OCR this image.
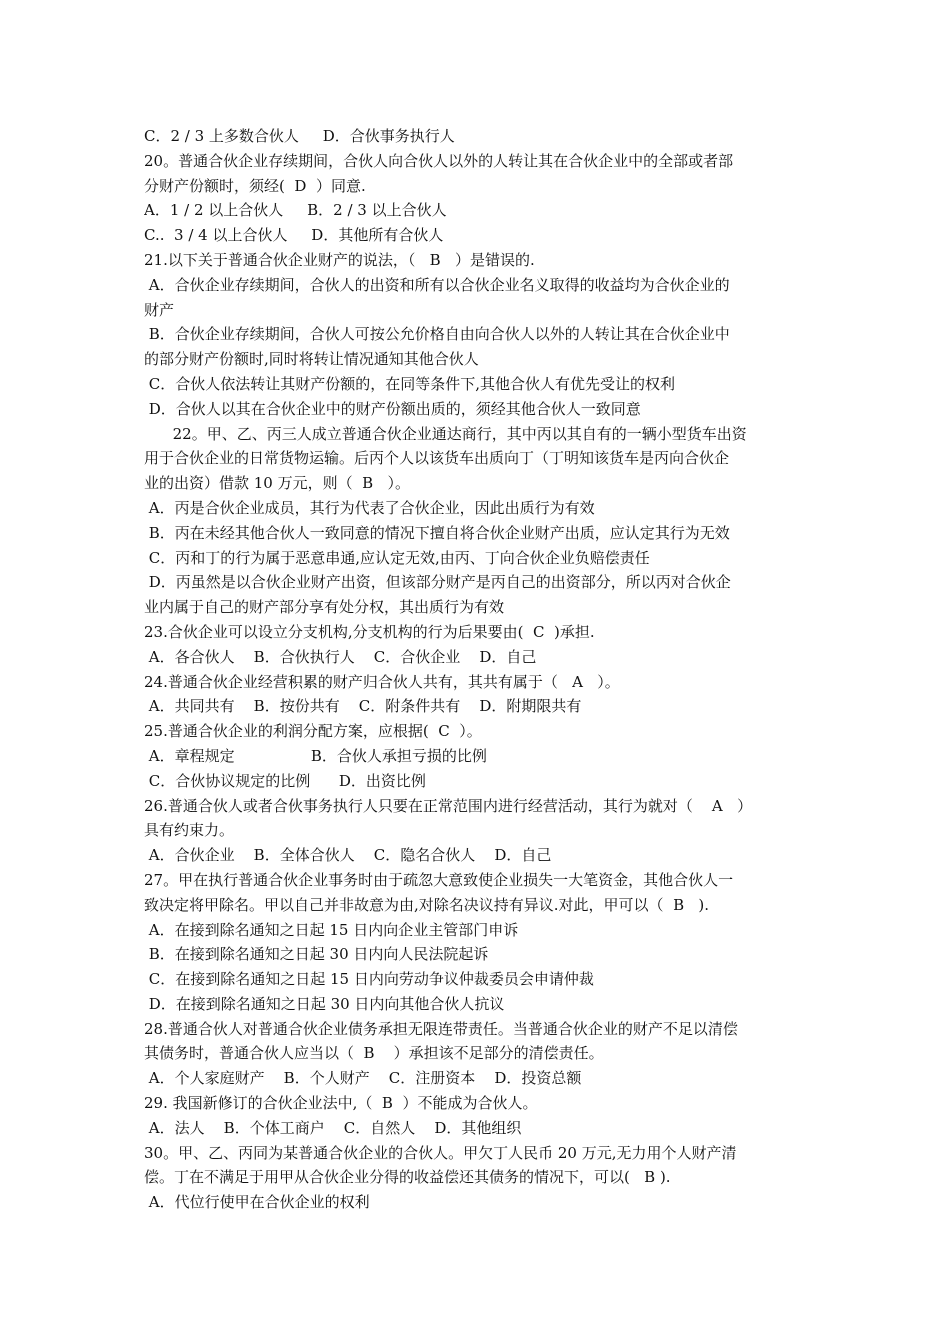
C．2 / 3 上多数合伙人     D．合伙事务执行人
20。普通合伙企业存续期间，合伙人向合伙人以外的人转让其在合伙企业中的全部或者部
分财产份额时，须经(  D  ）同意.
A．1 / 2 以上合伙人     B．2 / 3 以上合伙人
C..  3 / 4 以上合伙人     D．其他所有合伙人
21.以下关于普通合伙企业财产的说法，（   B   ）是错误的.
A．合伙企业存续期间，合伙人的出资和所有以合伙企业名义取得的收益均为合伙企业的
财产
B．合伙企业存续期间，合伙人可按公允价格自由向合伙人以外的人转让其在合伙企业中
的部分财产份额时,同时将转让情况通知其他合伙人
C．合伙人依法转让其财产份额的，在同等条件下,其他合伙人有优先受让的权利
D．合伙人以其在合伙企业中的财产份额出质的，须经其他合伙人一致同意
22。甲、乙、丙三人成立普通合伙企业通达商行，其中丙以其自有的一辆小型货车出资
用于合伙企业的日常货物运输。后丙个人以该货车出质向丁（丁明知该货车是丙向合伙企
业的出资）借款 10 万元，则（  B   ）。
A．丙是合伙企业成员，其行为代表了合伙企业，因此出质行为有效
B．丙在未经其他合伙人一致同意的情况下擅自将合伙企业财产出质，应认定其行为无效
C．丙和丁的行为属于恶意串通,应认定无效,由丙、丁向合伙企业负赔偿责任
D．丙虽然是以合伙企业财产出资，但该部分财产是丙自己的出资部分，所以丙对合伙企
业内属于自己的财产部分享有处分权，其出质行为有效
23.合伙企业可以设立分支机构,分支机构的行为后果要由(  C  )承担.
A．各合伙人    B．合伙执行人    C．合伙企业    D．自己
24.普通合伙企业经营积累的财产归合伙人共有，其共有属于（   A   ）。
A．共同共有    B．按份共有    C．附条件共有    D．附期限共有
25.普通合伙企业的利润分配方案，应根据(  C  ）。
A．章程规定                B．合伙人承担亏损的比例
C．合伙协议规定的比例      D．出资比例
26.普通合伙人或者合伙事务执行人只要在正常范围内进行经营活动，其行为就对（    A   ）
具有约束力。
A．合伙企业    B．全体合伙人    C．隐名合伙人    D．自己
27。甲在执行普通合伙企业事务时由于疏忽大意致使企业损失一大笔资金，其他合伙人一
致决定将甲除名。甲以自己并非故意为由,对除名决议持有异议.对此，甲可以（  B   ).
A．在接到除名通知之日起 15 日内向企业主管部门申诉
B．在接到除名通知之日起 30 日内向人民法院起诉
C．在接到除名通知之日起 15 日内向劳动争议仲裁委员会申请仲裁
D．在接到除名通知之日起 30 日内向其他合伙人抗议
28.普通合伙人对普通合伙企业债务承担无限连带责任。当普通合伙企业的财产不足以清偿
其债务时，普通合伙人应当以（  B    ）承担该不足部分的清偿责任。
A．个人家庭财产    B．个人财产    C．注册资本    D．投资总额
29. 我国新修订的合伙企业法中,（  B  ）不能成为合伙人。
A．法人    B．个体工商户    C．自然人    D．其他组织
30。甲、乙、丙同为某普通合伙企业的合伙人。甲欠丁人民币 20 万元,无力用个人财产清
偿。丁在不满足于用甲从合伙企业分得的收益偿还其债务的情况下，可以(   B ).
A．代位行使甲在合伙企业的权利
